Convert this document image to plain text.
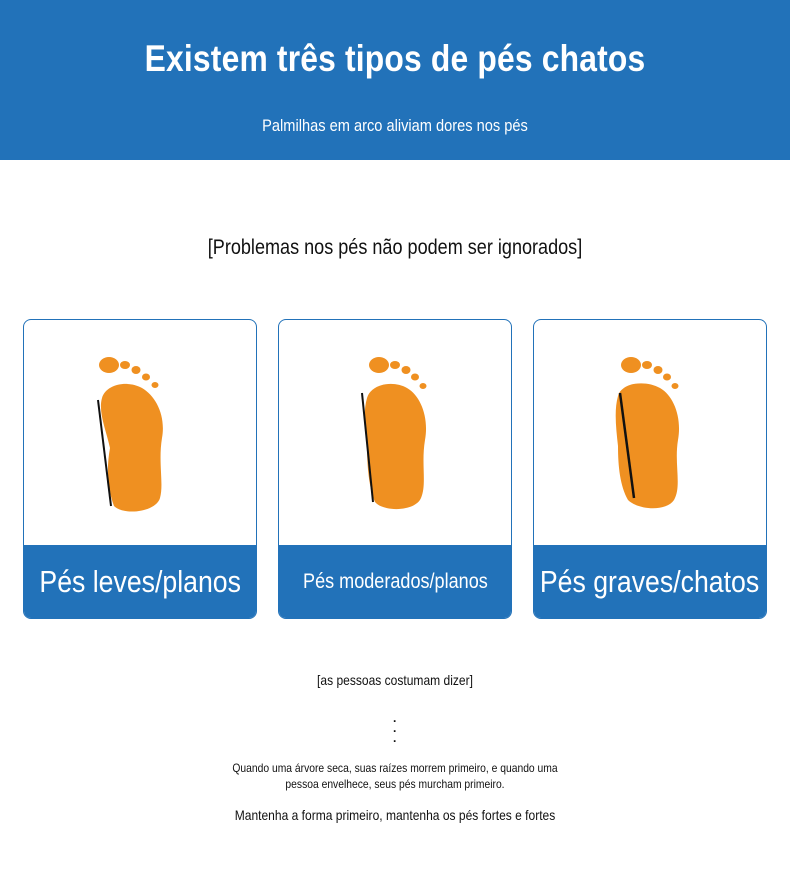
Existem três tipos de pés chatos
Palmilhas em arco aliviam dores nos pés
[Problemas nos pés não podem ser ignorados]
Pés leves/planos	Pés moderados/planos Pés graves/chatos
[as pessoas costumam dizer]
·
·
·
Quando uma árvore seca, suas raízes morrem primeiro, e quando uma pessoa envelhece, seus pés murcham primeiro.
Mantenha a forma primeiro, mantenha os pés fortes e fortes
